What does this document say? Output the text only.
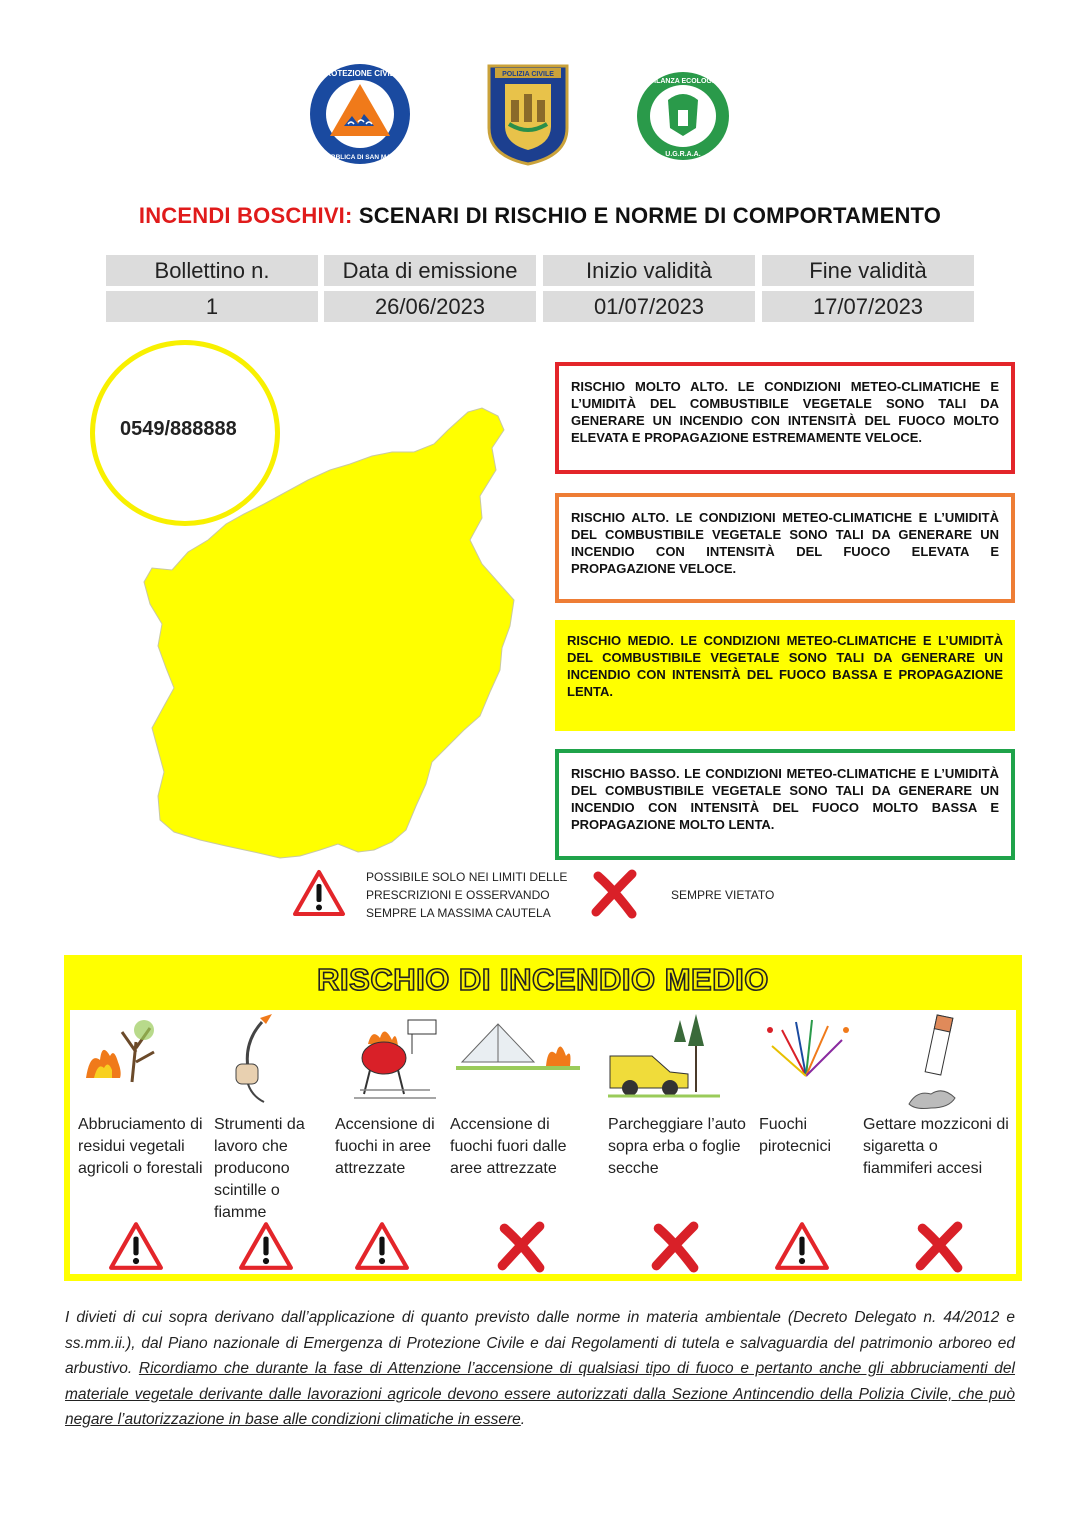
PROTEZIONE CIVILE
REPUBBLICA DI SAN MARINO
POLIZIA CIVILE
VIGILANZA ECOLOGICA
U.G.R.A.A.
INCENDI BOSCHIVI: SCENARI DI RISCHIO E NORME DI COMPORTAMENTO
Bollettino n.	Data di emissione	Inizio validità	Fine validità
1	26/06/2023	01/07/2023	17/07/2023
0549/888888
RISCHIO MOLTO ALTO. LE CONDIZIONI METEO-CLIMATICHE E L’UMIDITÀ DEL COMBUSTIBILE VEGETALE SONO TALI DA GENERARE UN INCENDIO CON INTENSITÀ DEL FUOCO MOLTO ELEVATA E PROPAGAZIONE ESTREMAMENTE VELOCE.
RISCHIO ALTO. LE CONDIZIONI METEO-CLIMATICHE E L’UMIDITÀ DEL COMBUSTIBILE VEGETALE SONO TALI DA GENERARE UN INCENDIO CON INTENSITÀ DEL FUOCO ELEVATA E PROPAGAZIONE VELOCE.
RISCHIO MEDIO. LE CONDIZIONI METEO-CLIMATICHE E L’UMIDITÀ DEL COMBUSTIBILE VEGETALE SONO TALI DA GENERARE UN INCENDIO CON INTENSITÀ DEL FUOCO BASSA E PROPAGAZIONE LENTA.
RISCHIO BASSO. LE CONDIZIONI METEO-CLIMATICHE E L’UMIDITÀ DEL COMBUSTIBILE VEGETALE SONO TALI DA GENERARE UN INCENDIO CON INTENSITÀ DEL FUOCO MOLTO BASSA E PROPAGAZIONE MOLTO LENTA.
POSSIBILE SOLO NEI LIMITI DELLE PRESCRIZIONI E OSSERVANDO SEMPRE LA MASSIMA CAUTELA
SEMPRE VIETATO
RISCHIO DI INCENDIO MEDIO
Abbruciamento di residui vegetali agricoli o forestali
Strumenti da lavoro che producono scintille o fiamme
Accensione di fuochi in aree attrezzate
Accensione di fuochi fuori dalle aree attrezzate
Parcheggiare l’auto sopra erba o foglie secche
Fuochi pirotecnici
Gettare mozziconi di sigaretta o fiammiferi accesi
I divieti di cui sopra derivano dall’applicazione di quanto previsto dalle norme in materia ambientale (Decreto Delegato n. 44/2012 e ss.mm.ii.), dal Piano nazionale di Emergenza di Protezione Civile e dai Regolamenti di tutela e salvaguardia del patrimonio arboreo ed arbustivo. Ricordiamo che durante la fase di Attenzione l’accensione di qualsiasi tipo di fuoco e pertanto anche gli abbruciamenti del materiale vegetale derivante dalle lavorazioni agricole devono essere autorizzati dalla Sezione Antincendio della Polizia Civile, che può negare l’autorizzazione in base alle condizioni climatiche in essere.
